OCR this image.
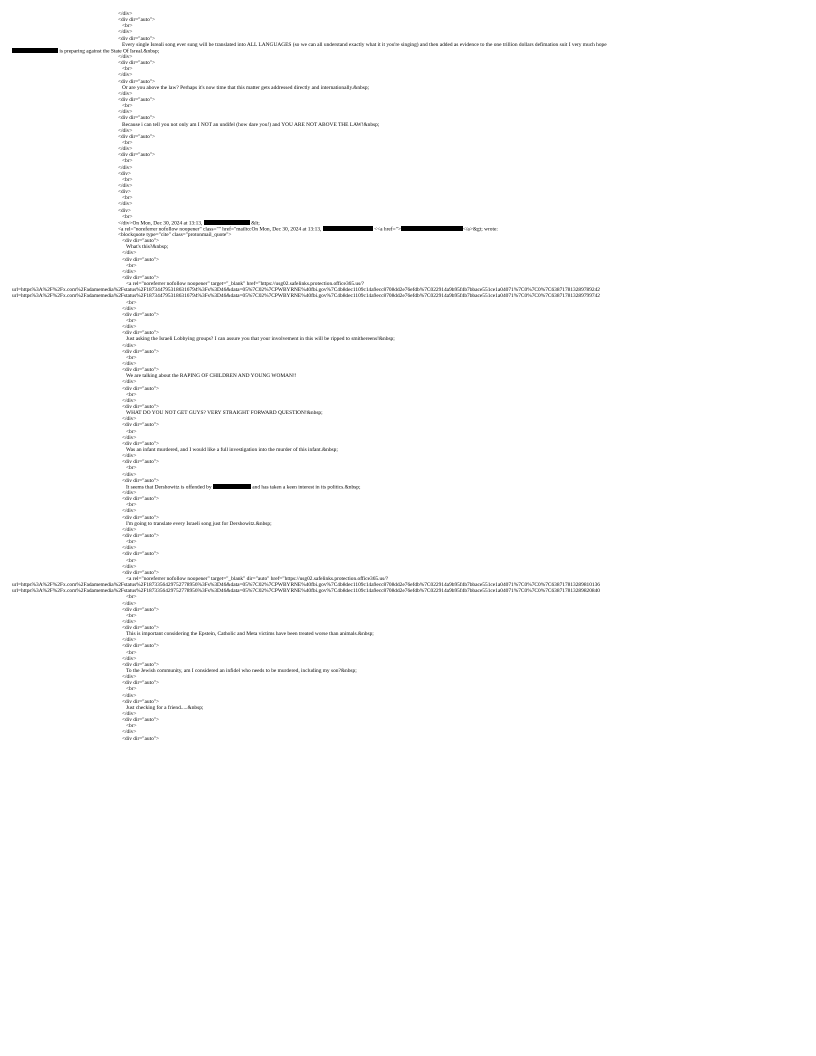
</div>
<div dir="auto">
<br>
</div>
<div dir="auto">
Every single Isreali song ever sung will be translated into ALL LANGUAGES (so we can all understand exactly what it it you're singing) and then added as evidence to the one trillion dollars defimation suit I very much hope
is preparing against the State Of Isreal.&nbsp;
</div>
<div dir="auto">
<br>
</div>
<div dir="auto">
Or are you above the law? Perhaps it's now time that this matter gets addressed directly and internationally.&nbsp;
</div>
<div dir="auto">
<br>
</div>
<div dir="auto">
Because i can tell you not only am I NOT an undifel (how dare you!) and YOU ARE NOT ABOVE THE LAW!&nbsp;
</div>
<div dir="auto">
<br>
</div>
<div dir="auto">
<br>
</div>
<div>
<br>
</div>
<div>
<br>
</div>
<div>
<br>
</div>On Mon, Dec 30, 2024 at 13:13,	&lt;
<a rel="noreferrer nofollow noopener" class="" href="mailto:On Mon, Dec 30, 2024 at 13:13,	<<a href=">	</a>&gt; wrote:
<blockquote type="cite" class="protonmail_quote">
<div dir="auto">
What's this?&nbsp;
</div>
<div dir="auto">
<br>
</div>
<div dir="auto">
<a rel="noreferrer nofollow noopener" target="_blank" href="https://usg02.safelinks.protection.office365.us/?
url=https%3A%2F%2Fx.com%2Fadamemedia%2Fstatus%2F1873447953186316794%3Fs%3D46&data=05%7C02%7CPWBYRNE%40fbi.gov%7C4b8dec1109c14a9ecc8708dd2e76efdb%7C022914a9b95f4b7bbace551ce1a04071%7C0%7C0%7C638717813289789242
url=https%3A%2F%2Fx.com%2Fadamemedia%2Fstatus%2F1873447953186316794%3Fs%3D46&data=05%7C02%7CPWBYRNE%40fbi.gov%7C4b8dec1109c14a9ecc8708dd2e76efdb%7C022914a9b95f4b7bbace551ce1a04071%7C0%7C0%7C638717813289799742
<br>
</div>
<div dir="auto">
<br>
</div>
<div dir="auto">
Just asking the Israeli Lobbying groups? I can assure you that your involvement in this will be ripped to smithereens!&nbsp;
</div>
<div dir="auto">
<br>
</div>
<div dir="auto">
We are talking about the RAPING OF CHILDREN AND YOUNG WOMAN!!
</div>
<div dir="auto">
<br>
</div>
<div dir="auto">
WHAT DO YOU NOT GET GUYS? VERY STRAIGHT FORWARD QUESTION!&nbsp;
</div>
<div dir="auto">
<br>
</div>
<div dir="auto">
Was an infant murdered, and I would like a full investigation into the murder of this infant.&nbsp;
</div>
<div dir="auto">
<br>
</div>
<div dir="auto">
It seems that Dershowitz is offended by	and has taken a keen interest in its politics.&nbsp;
</div>
<div dir="auto">
<br>
</div>
<div dir="auto">
I'm going to translate every Israeli song just for Dershowitz.&nbsp;
</div>
<div dir="auto">
<br>
</div>
<div dir="auto">
<br>
</div>
<div dir="auto">
<a rel="noreferrer nofollow noopener" target="_blank" dir="auto" href="https://usg02.safelinks.protection.office365.us/?
url=https%3A%2F%2Fx.com%2Fadamemedia%2Fstatus%2F1873356429752778956%3Fs%3D46&data=05%7C02%7CPWBYRNE%40fbi.gov%7C4b8dec1109c14a9ecc8708dd2e76efdb%7C022914a9b95f4b7bbace551ce1a04071%7C0%7C0%7C638717813289810136
url=https%3A%2F%2Fx.com%2Fadamemedia%2Fstatus%2F1873356429752778956%3Fs%3D46&data=05%7C02%7CPWBYRNE%40fbi.gov%7C4b8dec1109c14a9ecc8708dd2e76efdb%7C022914a9b95f4b7bbace551ce1a04071%7C0%7C0%7C638717813289820840
<br>
</div>
<div dir="auto">
<br>
</div>
<div dir="auto">
This is important considering the Epstein, Catholic and Meta victims have been treated worse than animals.&nbsp;
</div>
<div dir="auto">
<br>
</div>
<div dir="auto">
To the Jewish community, am I considered an infidel who needs to be murdered, including my son?&nbsp;
</div>
<div dir="auto">
<br>
</div>
<div dir="auto">
Just checking for a friend.....&nbsp;
</div>
<div dir="auto">
<br>
</div>
<div dir="auto">
